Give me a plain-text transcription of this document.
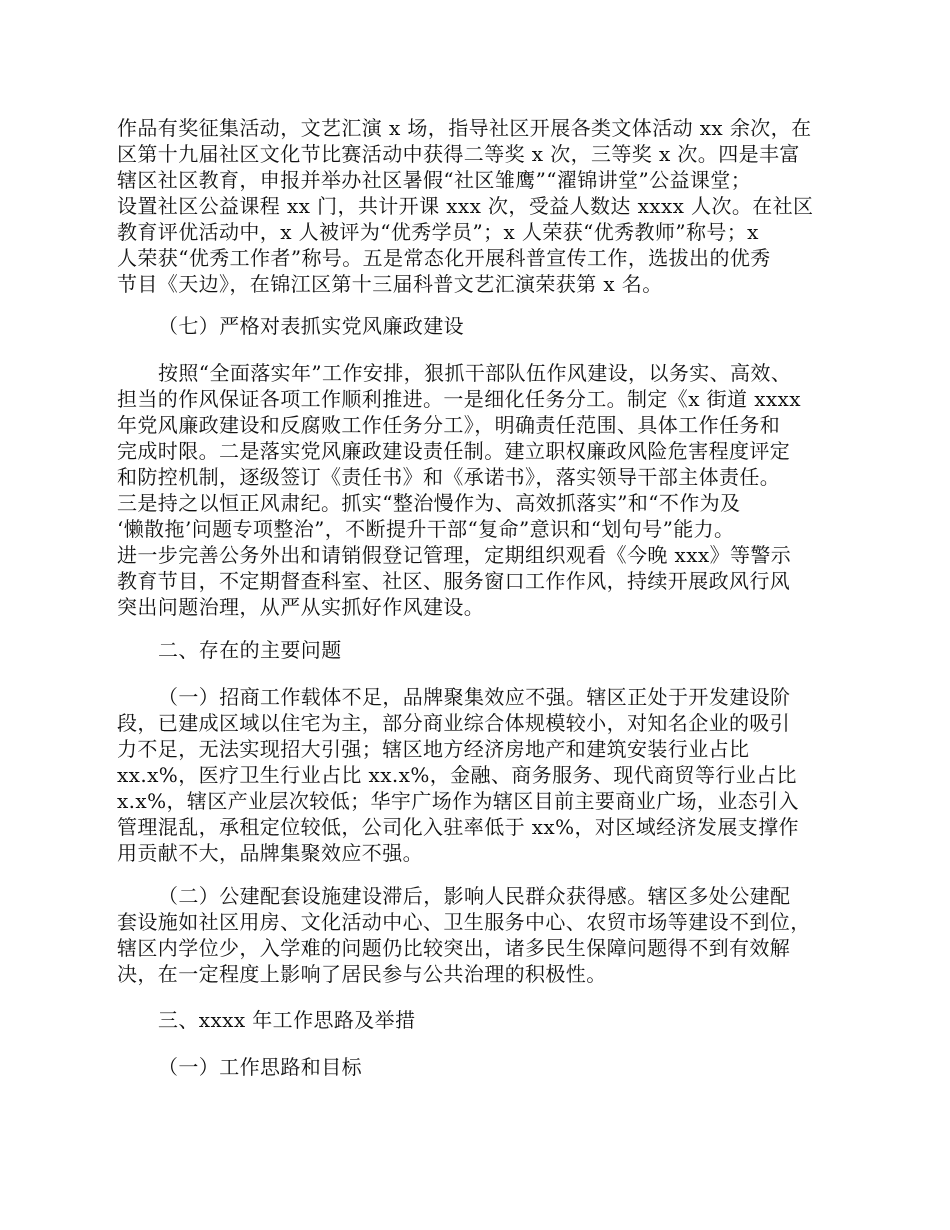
作品有奖征集活动，文艺汇演 x 场，指导社区开展各类文体活动 xx 余次，在
区第十九届社区文化节比赛活动中获得二等奖 x 次，三等奖 x 次。四是丰富
辖区社区教育，申报并举办社区暑假“社区雏鹰”“濯锦讲堂”公益课堂；
设置社区公益课程 xx 门，共计开课 xxx 次，受益人数达 xxxx 人次。在社区
教育评优活动中，x 人被评为“优秀学员”；x 人荣获“优秀教师”称号；x
人荣获“优秀工作者”称号。五是常态化开展科普宣传工作，选拔出的优秀
节目《天边》，在锦江区第十三届科普文艺汇演荣获第 x 名。
（七）严格对表抓实党风廉政建设
按照“全面落实年”工作安排，狠抓干部队伍作风建设，以务实、高效、
担当的作风保证各项工作顺利推进。一是细化任务分工。制定《x 街道 xxxx
年党风廉政建设和反腐败工作任务分工》，明确责任范围、具体工作任务和
完成时限。二是落实党风廉政建设责任制。建立职权廉政风险危害程度评定
和防控机制，逐级签订《责任书》和《承诺书》，落实领导干部主体责任。
三是持之以恒正风肃纪。抓实“整治慢作为、高效抓落实”和“不作为及
‘懒散拖’问题专项整治”，不断提升干部“复命”意识和“划句号”能力。
进一步完善公务外出和请销假登记管理，定期组织观看《今晚 xxx》等警示
教育节目，不定期督查科室、社区、服务窗口工作作风，持续开展政风行风
突出问题治理，从严从实抓好作风建设。
二、存在的主要问题
（一）招商工作载体不足，品牌聚集效应不强。辖区正处于开发建设阶
段，已建成区域以住宅为主，部分商业综合体规模较小，对知名企业的吸引
力不足，无法实现招大引强；辖区地方经济房地产和建筑安装行业占比
xx.x%，医疗卫生行业占比 xx.x%，金融、商务服务、现代商贸等行业占比
x.x%，辖区产业层次较低；华宇广场作为辖区目前主要商业广场，业态引入
管理混乱，承租定位较低，公司化入驻率低于 xx%，对区域经济发展支撑作
用贡献不大，品牌集聚效应不强。
（二）公建配套设施建设滞后，影响人民群众获得感。辖区多处公建配
套设施如社区用房、文化活动中心、卫生服务中心、农贸市场等建设不到位，
辖区内学位少，入学难的问题仍比较突出，诸多民生保障问题得不到有效解
决，在一定程度上影响了居民参与公共治理的积极性。
三、xxxx 年工作思路及举措
（一）工作思路和目标
